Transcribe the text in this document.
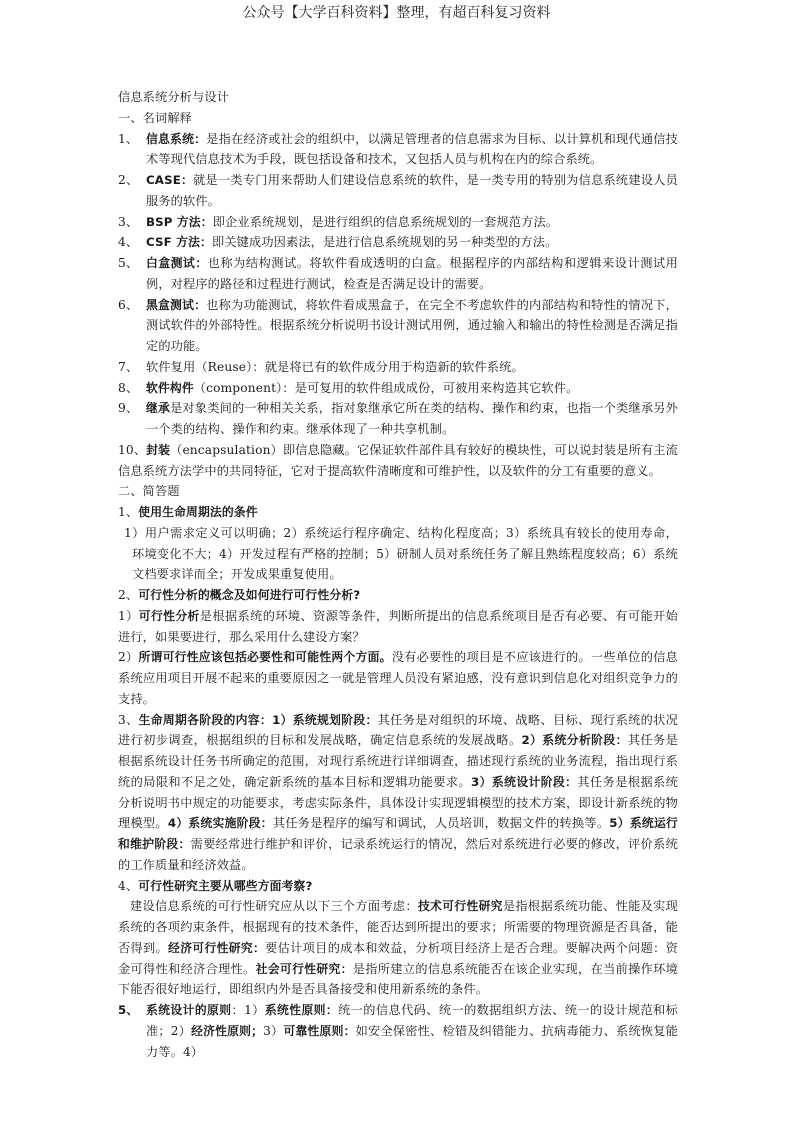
公众号【大学百科资料】整理，有超百科复习资料
信息系统分析与设计
一、名词解释
1、 信息系统：是指在经济或社会的组织中，以满足管理者的信息需求为目标、以计算机和现代通信技术等现代信息技术为手段，既包括设备和技术，又包括人员与机构在内的综合系统。
2、 CASE：就是一类专门用来帮助人们建设信息系统的软件，是一类专用的特别为信息系统建设人员服务的软件。
3、 BSP 方法：即企业系统规划，是进行组织的信息系统规划的一套规范方法。
4、 CSF 方法：即关键成功因素法，是进行信息系统规划的另一种类型的方法。
5、 白盒测试：也称为结构测试。将软件看成透明的白盒。根据程序的内部结构和逻辑来设计测试用例，对程序的路径和过程进行测试，检查是否满足设计的需要。
6、 黑盒测试：也称为功能测试，将软件看成黑盒子，在完全不考虑软件的内部结构和特性的情况下，测试软件的外部特性。根据系统分析说明书设计测试用例，通过输入和输出的特性检测是否满足指定的功能。
7、 软件复用（Reuse）：就是将已有的软件成分用于构造新的软件系统。
8、 软件构件（component）：是可复用的软件组成成份，可被用来构造其它软件。
9、 继承是对象类间的一种相关关系，指对象继承它所在类的结构、操作和约束，也指一个类继承另外一个类的结构、操作和约束。继承体现了一种共享机制。
10、封装（encapsulation）即信息隐藏。它保证软件部件具有较好的模块性，可以说封装是所有主流信息系统方法学中的共同特征，它对于提高软件清晰度和可维护性，以及软件的分工有重要的意义。
二、简答题
1、使用生命周期法的条件
1）用户需求定义可以明确；2）系统运行程序确定、结构化程度高；3）系统具有较长的使用寿命，环境变化不大；4）开发过程有严格的控制；5）研制人员对系统任务了解且熟练程度较高；6）系统文档要求详而全；开发成果重复使用。
2、可行性分析的概念及如何进行可行性分析?
1）可行性分析是根据系统的环境、资源等条件，判断所提出的信息系统项目是否有必要、有可能开始进行，如果要进行，那么采用什么建设方案？
2）所谓可行性应该包括必要性和可能性两个方面。没有必要性的项目是不应该进行的。一些单位的信息系统应用项目开展不起来的重要原因之一就是管理人员没有紧迫感，没有意识到信息化对组织竞争力的支持。
3、生命周期各阶段的内容：1）系统规划阶段：其任务是对组织的环境、战略、目标、现行系统的状况进行初步调查，根据组织的目标和发展战略，确定信息系统的发展战略。2）系统分析阶段：其任务是根据系统设计任务书所确定的范围，对现行系统进行详细调查，描述现行系统的业务流程，指出现行系统的局限和不足之处，确定新系统的基本目标和逻辑功能要求。3）系统设计阶段：其任务是根据系统分析说明书中规定的功能要求，考虑实际条件，具体设计实现逻辑模型的技术方案，即设计新系统的物理模型。4）系统实施阶段：其任务是程序的编写和调试，人员培训，数据文件的转换等。5）系统运行和维护阶段：需要经常进行维护和评价，记录系统运行的情况，然后对系统进行必要的修改，评价系统的工作质量和经济效益。
4、可行性研究主要从哪些方面考察?
建设信息系统的可行性研究应从以下三个方面考虑：技术可行性研究是指根据系统功能、性能及实现系统的各项约束条件，根据现有的技术条件，能否达到所提出的要求；所需要的物理资源是否具备，能否得到。经济可行性研究：要估计项目的成本和效益，分析项目经济上是否合理。要解决两个问题：资金可得性和经济合理性。社会可行性研究：是指所建立的信息系统能否在该企业实现，在当前操作环境下能否很好地运行，即组织内外是否具备接受和使用新系统的条件。
5、 系统设计的原则：1）系统性原则：统一的信息代码、统一的数据组织方法、统一的设计规范和标准；2）经济性原则；3）可靠性原则：如安全保密性、检错及纠错能力、抗病毒能力、系统恢复能力等。4）
